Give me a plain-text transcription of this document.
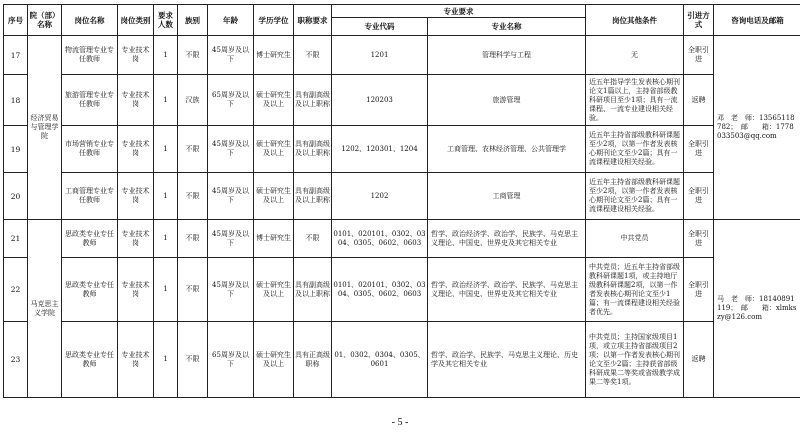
序号	院（部）名称	岗位名称	岗位类别	要求人数	族别	年龄	学历学位	职称要求	专业要求		岗位其他条件	引进方式	咨询电话及邮箱
									专业代码	专业名称			
17	经济贸易与管理学院	物流管理专业专任教师	专业技术岗	1	不限	45周岁及以下	博士研究生	不限	1201	管理科学与工程	无	全职引进	邓　老　师：13565118782；　邮　　箱：1778033503@qq.com
18		旅游管理专业专任教师	专业技术岗	1	汉族	65周岁及以下	硕士研究生及以上	具有副高级及以上职称	120203	旅游管理	近五年指导学生发表核心期刊论文1篇以上，主持省部级教科研项目至少1项；具有一流课程、一流专业建设相关经验。	返聘	
19		市场营销专业专任教师	专业技术岗	1	不限	45周岁及以下	硕士研究生及以上	具有副高级及以上职称	1202、120301、1204	工商管理、农林经济管理、公共管理学	近五年主持省部级教科研课题至少2项，以第一作者发表核心期刊论文至少2篇；具有一流课程建设相关经验。	全职引进	
20		工商管理专业专任教师	专业技术岗	1	不限	45周岁及以下	硕士研究生及以上	具有副高级及以上职称	1202	工商管理	近五年主持省部级教科研课题至少2项，以第一作者发表核心期刊论文至少2篇；具有一流课程建设相关经验。	全职引进	
21	马克思主义学院	思政类专业专任教师	专业技术岗	1	不限	45周岁及以下	博士研究生	不限	0101、020101、0302、0304、0305、0602、0603	哲学、政治经济学、政治学、民族学、马克思主义理论、中国史、世界史及其它相关专业	中共党员	全职引进	马　老　师：18140891119；　邮　　箱：xlmkszy@126.com
22		思政类专业专任教师	专业技术岗	1	不限	45周岁及以下	硕士研究生及以上	具有副高级及以上职称	0101、020101、0302、0304、0305、0602、0603	哲学、政治经济学、政治学、民族学、马克思主义理论、中国史、世界史及其它相关专业	中共党员；近五年主持省部级教科研课题1项，或主持地厅级教科研课题2项，以第一作者发表核心期刊论文至少1篇；有一流课程建设相关经验者优先。	全职引进	
23		思政类专业专任教师	专业技术岗	1	不限	65周岁及以下	硕士研究生及以上	具有正高级职称	01、0302、0304、0305、0601	哲学、政治学、民族学、马克思主义理论、历史学及其它相关专业	中共党员；主持国家级项目1项，或立项主持省部级项目2项；以第一作者发表核心期刊论文至少2篇；主持获省部级科研成果二等奖或省级教学成果二等奖1项。	返聘	
- 5 -
